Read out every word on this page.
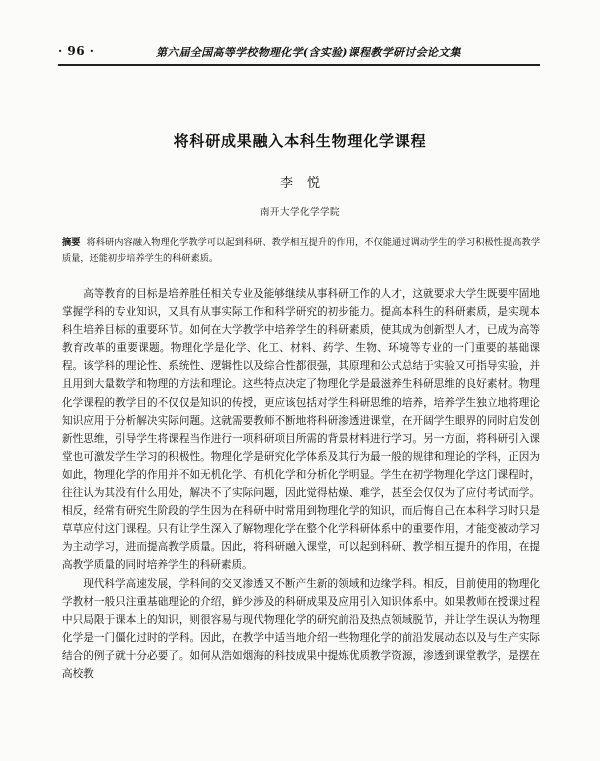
· 96 ·	第六届全国高等学校物理化学(含实验)课程教学研讨会论文集
将科研成果融入本科生物理化学课程
李悦
南开大学化学学院
摘要 将科研内容融入物理化学教学可以起到科研、教学相互提升的作用，不仅能通过调动学生的学习积极性提高教学质量，还能初步培养学生的科研素质。

高等教育的目标是培养胜任相关专业及能够继续从事科研工作的人才，这就要求大学生既要牢固地掌握学科的专业知识，又具有从事实际工作和科学研究的初步能力。提高本科生的科研素质，是实现本科生培养目标的重要环节。如何在大学教学中培养学生的科研素质，使其成为创新型人才，已成为高等教育改革的重要课题。物理化学是化学、化工、材料、药学、生物、环境等专业的一门重要的基础课程。该学科的理论性、系统性、逻辑性以及综合性都很强，其原理和公式总结于实验又可指导实验，并且用到大量数学和物理的方法和理论。这些特点决定了物理化学是最滋养生科研思维的良好素材。物理化学课程的教学目的不仅仅是知识的传授，更应该包括对学生科研思维的培养，培养学生独立地将理论知识应用于分析解决实际问题。这就需要教师不断地将科研渗透进课堂，在开阔学生眼界的同时启发创新性思维，引导学生将课程当作进行一项科研项目所需的背景材料进行学习。另一方面，将科研引入课堂也可激发学生学习的积极性。物理化学是研究化学体系及其行为最一般的规律和理论的学科，正因为如此，物理化学的作用并不如无机化学、有机化学和分析化学明显。学生在初学物理化学这门课程时，往往认为其没有什么用处，解决不了实际问题，因此觉得枯燥、难学，甚至会仅仅为了应付考试而学。相反，经常有研究生阶段的学生因为在科研中时常用到物理化学的知识，而后悔自己在本科学习时只是草草应付这门课程。只有让学生深入了解物理化学在整个化学科研体系中的重要作用，才能变被动学习为主动学习，进而提高教学质量。因此，将科研融入课堂，可以起到科研、教学相互提升的作用，在提高教学质量的同时培养学生的科研素质。

现代科学高速发展，学科间的交叉渗透又不断产生新的领域和边缘学科。相反，目前使用的物理化学教材一般只注重基础理论的介绍，鲜少涉及的科研成果及应用引入知识体系中。如果教师在授课过程中只局限于课本上的知识，则很容易与现代物理化学的研究前沿及热点领域脱节，并让学生误认为物理化学是一门僵化过时的学科。因此，在教学中适当地介绍一些物理化学的前沿发展动态以及与生产实际结合的例子就十分必要了。如何从浩如烟海的科技成果中提炼优质教学资源，渗透到课堂教学，是摆在高校教
